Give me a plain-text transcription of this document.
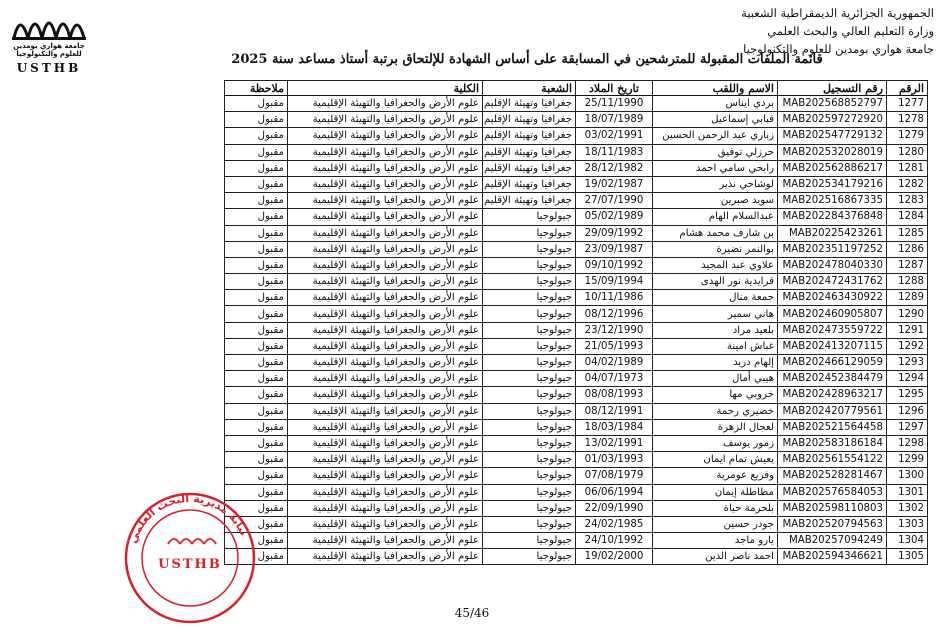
جامعة هواري بومدين للعلوم والتكنولوجيا
USTHB
الجمهورية الجزائرية الديمقراطية الشعبية
وزارة التعليم العالي والبحث العلمي
جامعة هواري بومدين للعلوم والتكنولوجيا
قائمة الملفات المقبولة للمترشحين في المسابقة على أساس الشهادة للإلتحاق برتبة أستاذ مساعد سنة 2025
الرقم	رقم التسجيل	الاسم واللقب	تاريخ الملاد	الشعبة	الكلية	ملاحظة
1277	MAB202568852797	بردي ايناس	25/11/1990	جغرافيا وتهيئة الإقليم	علوم الأرض والجغرافيا والتهيئة الإقليمية	مقبول
1278	MAB202597272920	قبابي إسماعيل	18/07/1989	جغرافيا وتهيئة الإقليم	علوم الأرض والجغرافيا والتهيئة الإقليمية	مقبول
1279	MAB202547729132	زباري عبد الرحمن الحسين	03/02/1991	جغرافيا وتهيئة الإقليم	علوم الأرض والجغرافيا والتهيئة الإقليمية	مقبول
1280	MAB202532028019	حرزلي توفيق	18/11/1983	جغرافيا وتهيئة الإقليم	علوم الأرض والجغرافيا والتهيئة الإقليمية	مقبول
1281	MAB202562886217	رابحي سامي احمد	28/12/1982	جغرافيا وتهيئة الإقليم	علوم الأرض والجغرافيا والتهيئة الإقليمية	مقبول
1282	MAB202534179216	لوشاحي نذير	19/02/1987	جغرافيا وتهيئة الإقليم	علوم الأرض والجغرافيا والتهيئة الإقليمية	مقبول
1283	MAB202516867335	سويد صبرين	27/07/1990	جغرافيا وتهيئة الإقليم	علوم الأرض والجغرافيا والتهيئة الإقليمية	مقبول
1284	MAB202284376848	عبدالسلام الهام	05/02/1989	جيولوجيا	علوم الأرض والجغرافيا والتهيئة الإقليمية	مقبول
1285	MAB20225423261	بن شارف محمد هشام	29/09/1992	جيولوجيا	علوم الأرض والجغرافيا والتهيئة الإقليمية	مقبول
1286	MAB202351197252	بوالنمر نضيرة	23/09/1987	جيولوجيا	علوم الأرض والجغرافيا والتهيئة الإقليمية	مقبول
1287	MAB202478040330	علاوي عبد المجيد	09/10/1992	جيولوجيا	علوم الأرض والجغرافيا والتهيئة الإقليمية	مقبول
1288	MAB202472431762	قرايدية نور الهدى	15/09/1994	جيولوجيا	علوم الأرض والجغرافيا والتهيئة الإقليمية	مقبول
1289	MAB202463430922	جمعة منال	10/11/1986	جيولوجيا	علوم الأرض والجغرافيا والتهيئة الإقليمية	مقبول
1290	MAB202460905807	هاني سمير	08/12/1996	جيولوجيا	علوم الأرض والجغرافيا والتهيئة الإقليمية	مقبول
1291	MAB202473559722	بلعيد مراد	23/12/1990	جيولوجيا	علوم الأرض والجغرافيا والتهيئة الإقليمية	مقبول
1292	MAB202413207115	غباش امينة	21/05/1993	جيولوجيا	علوم الأرض والجغرافيا والتهيئة الإقليمية	مقبول
1293	MAB202466129059	إلهام دريد	04/02/1989	جيولوجيا	علوم الأرض والجغرافيا والتهيئة الإقليمية	مقبول
1294	MAB202452384479	هيبي أمال	04/07/1973	جيولوجيا	علوم الأرض والجغرافيا والتهيئة الإقليمية	مقبول
1295	MAB202428963217	خروبي مها	08/08/1993	جيولوجيا	علوم الأرض والجغرافيا والتهيئة الإقليمية	مقبول
1296	MAB202420779561	خضيري رحمة	08/12/1991	جيولوجيا	علوم الأرض والجغرافيا والتهيئة الإقليمية	مقبول
1297	MAB202521564458	لعجال الزهرة	18/03/1984	جيولوجيا	علوم الأرض والجغرافيا والتهيئة الإقليمية	مقبول
1298	MAB202583186184	زمور يوسف	13/02/1991	جيولوجيا	علوم الأرض والجغرافيا والتهيئة الإقليمية	مقبول
1299	MAB202561554122	يعيش تمام ايمان	01/03/1993	جيولوجيا	علوم الأرض والجغرافيا والتهيئة الإقليمية	مقبول
1300	MAB202528281467	وفريع عومرية	07/08/1979	جيولوجيا	علوم الأرض والجغرافيا والتهيئة الإقليمية	مقبول
1301	MAB202576584053	مطاطلة إيمان	06/06/1994	جيولوجيا	علوم الأرض والجغرافيا والتهيئة الإقليمية	مقبول
1302	MAB202598110803	بلحرمة حياة	22/09/1990	جيولوجيا	علوم الأرض والجغرافيا والتهيئة الإقليمية	مقبول
1303	MAB202520794563	جودر حسين	24/02/1985	جيولوجيا	علوم الأرض والجغرافيا والتهيئة الإقليمية	مقبول
1304	MAB20257094249	يارو ماجد	24/10/1992	جيولوجيا	علوم الأرض والجغرافيا والتهيئة الإقليمية	مقبول
1305	MAB202594346621	احمد ناصر الدين	19/02/2000	جيولوجيا	علوم الأرض والجغرافيا والتهيئة الإقليمية	مقبول
USTHB
نيابة مديرية البحث العلمي
45/46
